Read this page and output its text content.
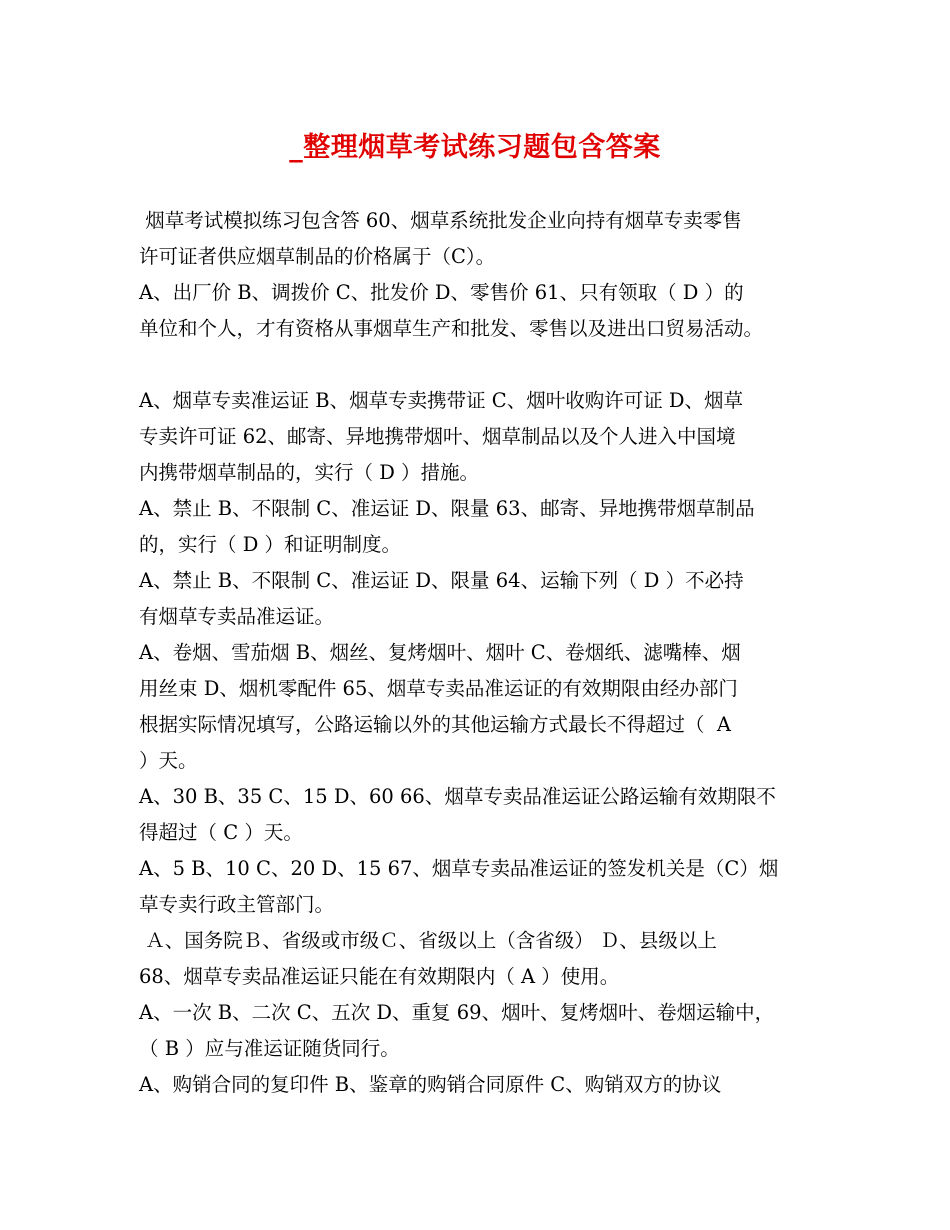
_整理烟草考试练习题包含答案
烟草考试模拟练习包含答 60、烟草系统批发企业向持有烟草专卖零售
许可证者供应烟草制品的价格属于（C）。
A、出厂价 B、调拨价 C、批发价 D、零售价 61、只有领取（ D ）的
单位和个人，才有资格从事烟草生产和批发、零售以及进出口贸易活动。
A、烟草专卖准运证 B、烟草专卖携带证 C、烟叶收购许可证 D、烟草
专卖许可证 62、邮寄、异地携带烟叶、烟草制品以及个人进入中国境
内携带烟草制品的，实行（ D ）措施。
A、禁止 B、不限制 C、准运证 D、限量 63、邮寄、异地携带烟草制品
的，实行（ D ）和证明制度。
A、禁止 B、不限制 C、准运证 D、限量 64、运输下列（ D ）不必持
有烟草专卖品准运证。
A、卷烟、雪茄烟 B、烟丝、复烤烟叶、烟叶 C、卷烟纸、滤嘴棒、烟
用丝束 D、烟机零配件 65、烟草专卖品准运证的有效期限由经办部门
根据实际情况填写，公路运输以外的其他运输方式最长不得超过（  A
）天。
A、30 B、35 C、15 D、60 66、烟草专卖品准运证公路运输有效期限不
得超过（ C ）天。
A、5 B、10 C、20 D、15 67、烟草专卖品准运证的签发机关是（C）烟
草专卖行政主管部门。
Ａ、国务院Ｂ、省级或市级Ｃ、省级以上（含省级） Ｄ、县级以上
68、烟草专卖品准运证只能在有效期限内（ A ）使用。
A、一次 B、二次 C、五次 D、重复 69、烟叶、复烤烟叶、卷烟运输中，
（ B ）应与准运证随货同行。
A、购销合同的复印件 B、鉴章的购销合同原件 C、购销双方的协议
